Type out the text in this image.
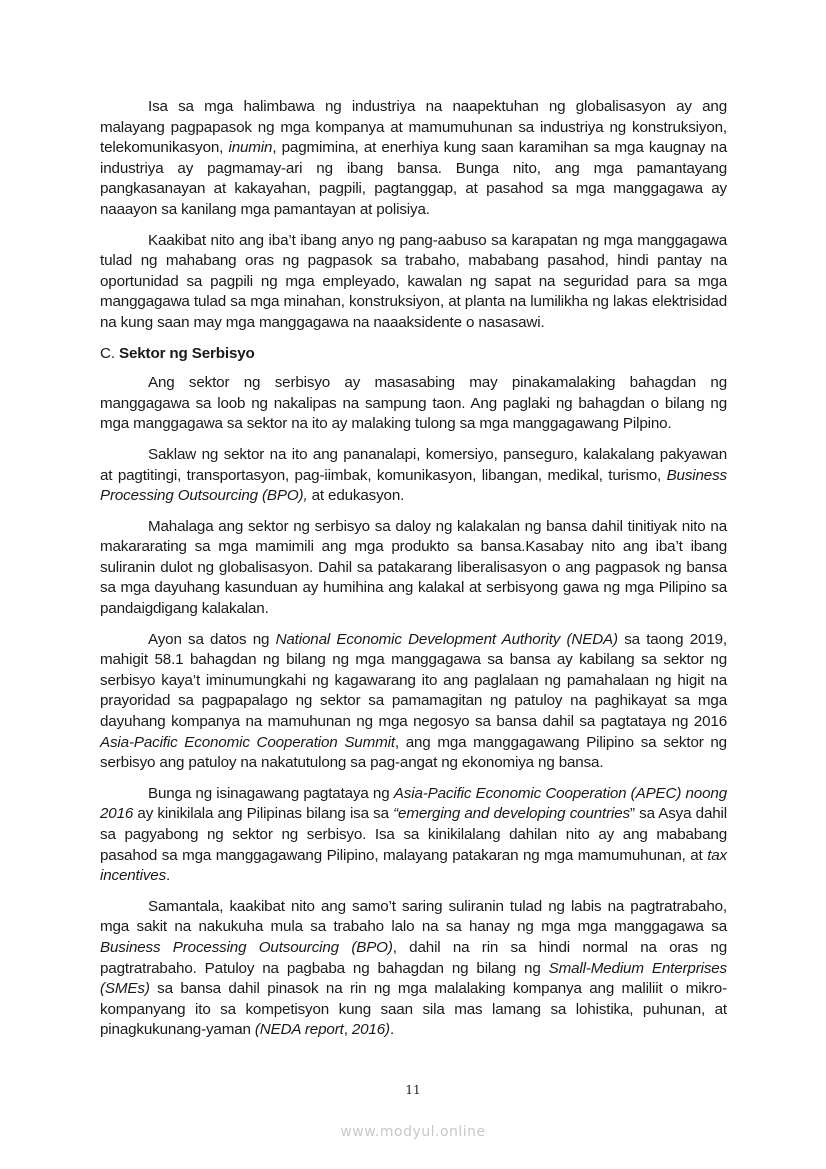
Isa sa mga halimbawa ng industriya na naapektuhan ng globalisasyon ay ang malayang pagpapasok ng mga kompanya at mamumuhunan sa industriya ng konstruksiyon, telekomunikasyon, inumin, pagmimina, at enerhiya kung saan karamihan sa mga kaugnay na industriya ay pagmamay-ari ng ibang bansa. Bunga nito, ang mga pamantayang pangkasanayan at kakayahan, pagpili, pagtanggap, at pasahod sa mga manggagawa ay naaayon sa kanilang mga pamantayan at polisiya.

Kaakibat nito ang iba’t ibang anyo ng pang-aabuso sa karapatan ng mga manggagawa tulad ng mahabang oras ng pagpasok sa trabaho, mababang pasahod, hindi pantay na oportunidad sa pagpili ng mga empleyado, kawalan ng sapat na seguridad para sa mga manggagawa tulad sa mga minahan, konstruksiyon, at planta na lumilikha ng lakas elektrisidad na kung saan may mga manggagawa na naaaksidente o nasasawi.

C. Sektor ng Serbisyo

Ang sektor ng serbisyo ay masasabing may pinakamalaking bahagdan ng manggagawa sa loob ng nakalipas na sampung taon. Ang paglaki ng bahagdan o bilang ng mga manggagawa sa sektor na ito ay malaking tulong sa mga manggagawang Pilpino.

Saklaw ng sektor na ito ang pananalapi, komersiyo, panseguro, kalakalang pakyawan at pagtitingi, transportasyon, pag-iimbak, komunikasyon, libangan, medikal, turismo, Business Processing Outsourcing (BPO), at edukasyon.

Mahalaga ang sektor ng serbisyo sa daloy ng kalakalan ng bansa dahil tinitiyak nito na makararating sa mga mamimili ang mga produkto sa bansa.Kasabay nito ang iba’t ibang suliranin dulot ng globalisasyon. Dahil sa patakarang liberalisasyon o ang pagpasok ng bansa sa mga dayuhang kasunduan ay humihina ang kalakal at serbisyong gawa ng mga Pilipino sa pandaigdigang kalakalan.

Ayon sa datos ng National Economic Development Authority (NEDA) sa taong 2019, mahigit 58.1 bahagdan ng bilang ng mga manggagawa sa bansa ay kabilang sa sektor ng serbisyo kaya’t iminumungkahi ng kagawarang ito ang paglalaan ng pamahalaan ng higit na prayoridad sa pagpapalago ng sektor sa pamamagitan ng patuloy na paghikayat sa mga dayuhang kompanya na mamuhunan ng mga negosyo sa bansa dahil sa pagtataya ng 2016 Asia-Pacific Economic Cooperation Summit, ang mga manggagawang Pilipino sa sektor ng serbisyo ang patuloy na nakatutulong sa pag-angat ng ekonomiya ng bansa.

Bunga ng isinagawang pagtataya ng Asia-Pacific Economic Cooperation (APEC) noong 2016 ay kinikilala ang Pilipinas bilang isa sa “emerging and developing countries” sa Asya dahil sa pagyabong ng sektor ng serbisyo. Isa sa kinikilalang dahilan nito ay ang mababang pasahod sa mga manggagawang Pilipino, malayang patakaran ng mga mamumuhunan, at tax incentives.

Samantala, kaakibat nito ang samo’t saring suliranin tulad ng labis na pagtratrabaho, mga sakit na nakukuha mula sa trabaho lalo na sa hanay ng mga mga manggagawa sa Business Processing Outsourcing (BPO), dahil na rin sa hindi normal na oras ng pagtratrabaho. Patuloy na pagbaba ng bahagdan ng bilang ng Small-Medium Enterprises (SMEs) sa bansa dahil pinasok na rin ng mga malalaking kompanya ang maliliit o mikro-kompanyang ito sa kompetisyon kung saan sila mas lamang sa lohistika, puhunan, at pinagkukunang-yaman (NEDA report, 2016).

11
www.modyul.online
